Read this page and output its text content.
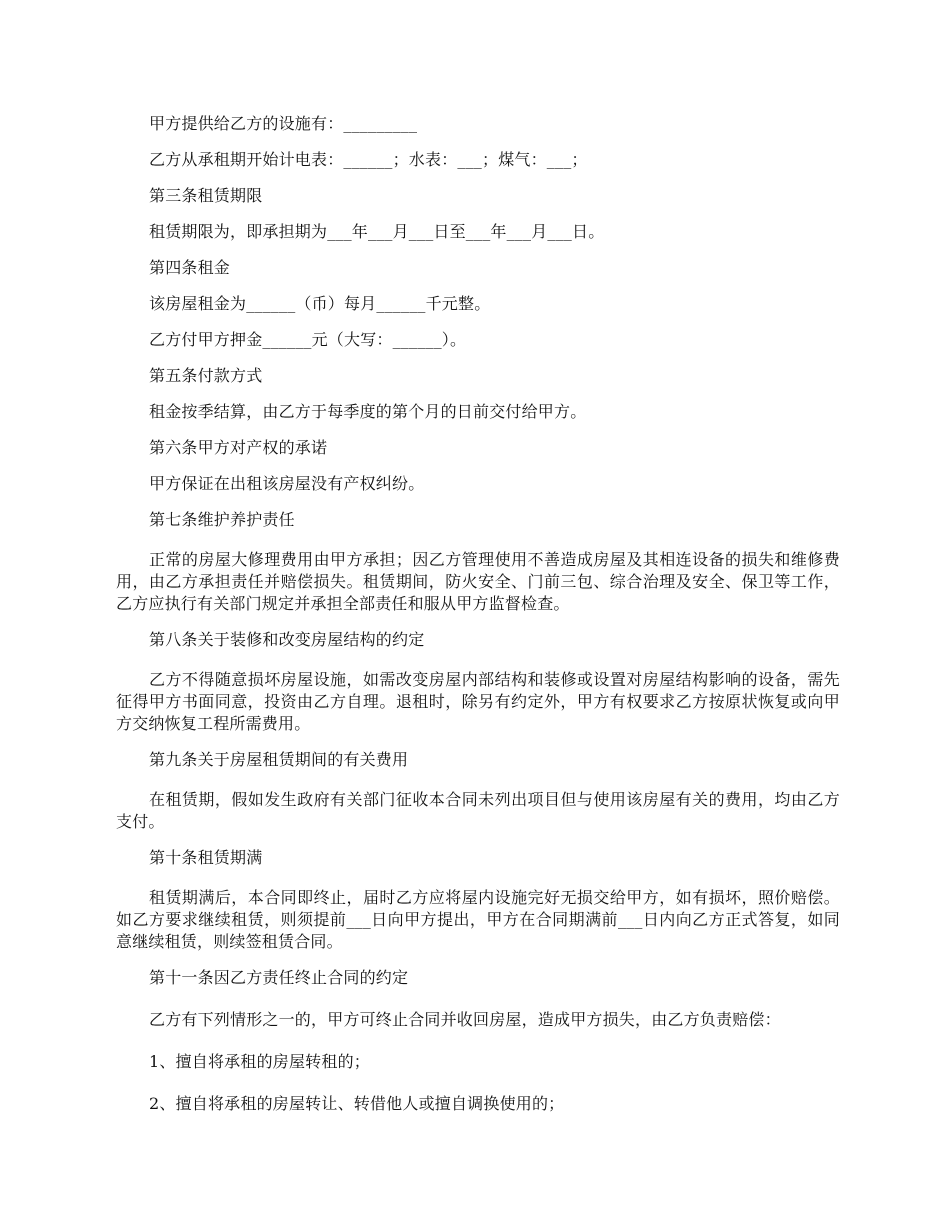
甲方提供给乙方的设施有：_________

乙方从承租期开始计电表：______；水表：___；煤气：___；

第三条租赁期限

租赁期限为，即承担期为___年___月___日至___年___月___日。

第四条租金

该房屋租金为______（币）每月______千元整。

乙方付甲方押金______元（大写：______）。

第五条付款方式

租金按季结算，由乙方于每季度的第个月的日前交付给甲方。

第六条甲方对产权的承诺

甲方保证在出租该房屋没有产权纠纷。

第七条维护养护责任

正常的房屋大修理费用由甲方承担；因乙方管理使用不善造成房屋及其相连设备的损失和维修费用，由乙方承担责任并赔偿损失。租赁期间，防火安全、门前三包、综合治理及安全、保卫等工作，乙方应执行有关部门规定并承担全部责任和服从甲方监督检查。

第八条关于装修和改变房屋结构的约定

乙方不得随意损坏房屋设施，如需改变房屋内部结构和装修或设置对房屋结构影响的设备，需先征得甲方书面同意，投资由乙方自理。退租时，除另有约定外，甲方有权要求乙方按原状恢复或向甲方交纳恢复工程所需费用。

第九条关于房屋租赁期间的有关费用

在租赁期，假如发生政府有关部门征收本合同未列出项目但与使用该房屋有关的费用，均由乙方支付。

第十条租赁期满

租赁期满后，本合同即终止，届时乙方应将屋内设施完好无损交给甲方，如有损坏，照价赔偿。如乙方要求继续租赁，则须提前___日向甲方提出，甲方在合同期满前___日内向乙方正式答复，如同意继续租赁，则续签租赁合同。

第十一条因乙方责任终止合同的约定

乙方有下列情形之一的，甲方可终止合同并收回房屋，造成甲方损失，由乙方负责赔偿：

1、擅自将承租的房屋转租的；

2、擅自将承租的房屋转让、转借他人或擅自调换使用的；
